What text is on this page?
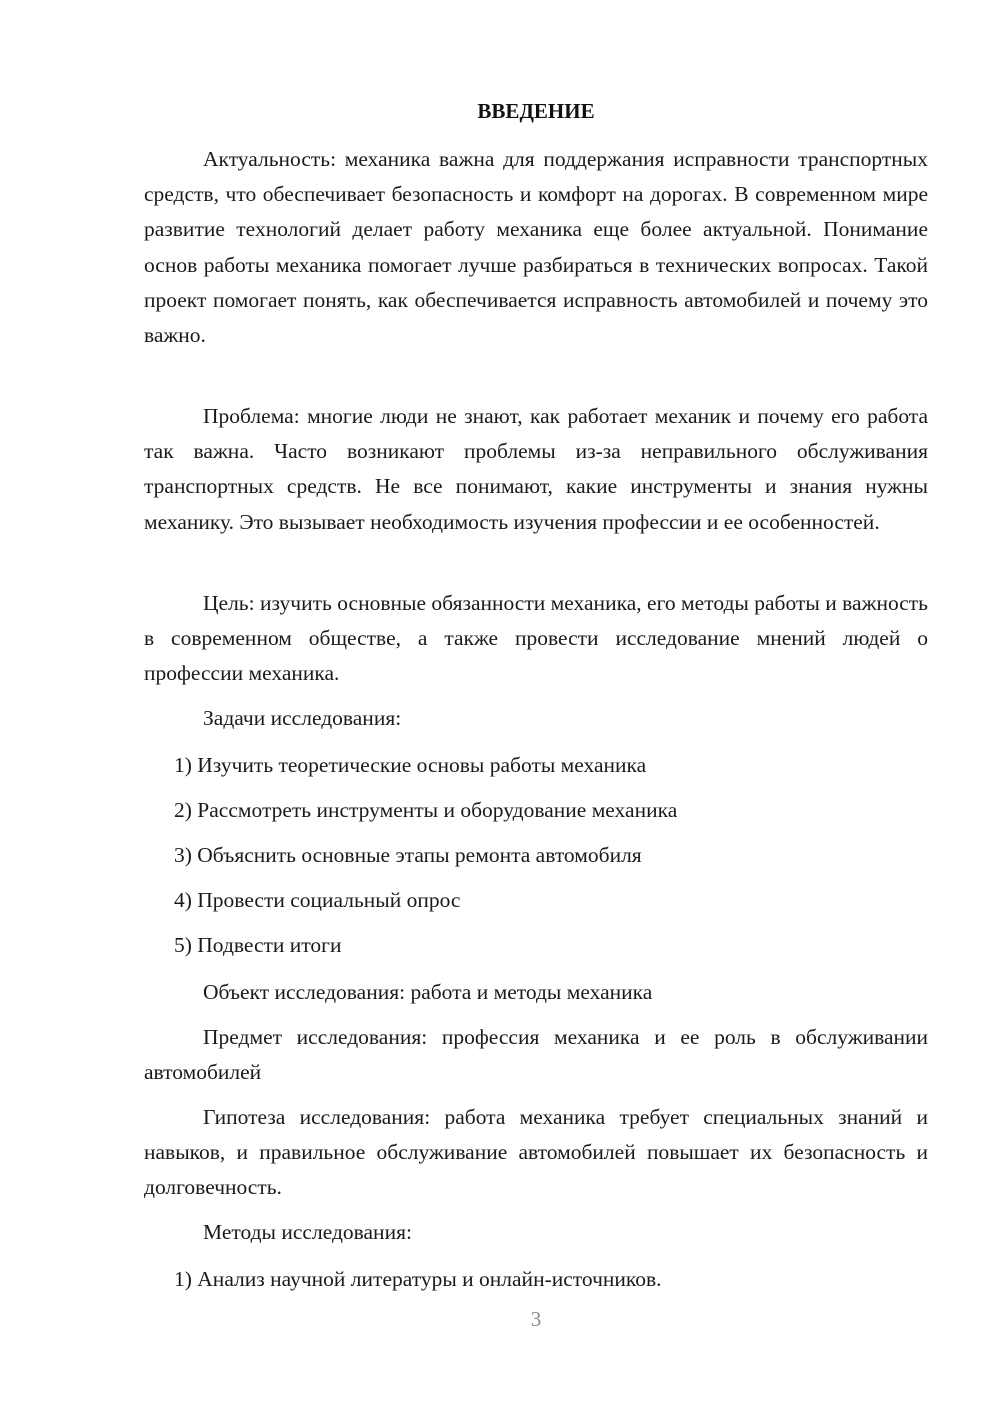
ВВЕДЕНИЕ

Актуальность: механика важна для поддержания исправности транспортных средств, что обеспечивает безопасность и комфорт на дорогах. В современном мире развитие технологий делает работу механика еще более актуальной. Понимание основ работы механика помогает лучше разбираться в технических вопросах. Такой проект помогает понять, как обеспечивается исправность автомобилей и почему это важно.

Проблема: многие люди не знают, как работает механик и почему его работа так важна. Часто возникают проблемы из-за неправильного обслуживания транспортных средств. Не все понимают, какие инструменты и знания нужны механику. Это вызывает необходимость изучения профессии и ее особенностей.

Цель: изучить основные обязанности механика, его методы работы и важность в современном обществе, а также провести исследование мнений людей о профессии механика.

Задачи исследования:

1) Изучить теоретические основы работы механика
2) Рассмотреть инструменты и оборудование механика
3) Объяснить основные этапы ремонта автомобиля
4) Провести социальный опрос
5) Подвести итоги

Объект исследования: работа и методы механика

Предмет исследования: профессия механика и ее роль в обслуживании автомобилей

Гипотеза исследования: работа механика требует специальных знаний и навыков, и правильное обслуживание автомобилей повышает их безопасность и долговечность.

Методы исследования:

1) Анализ научной литературы и онлайн-источников.
3
